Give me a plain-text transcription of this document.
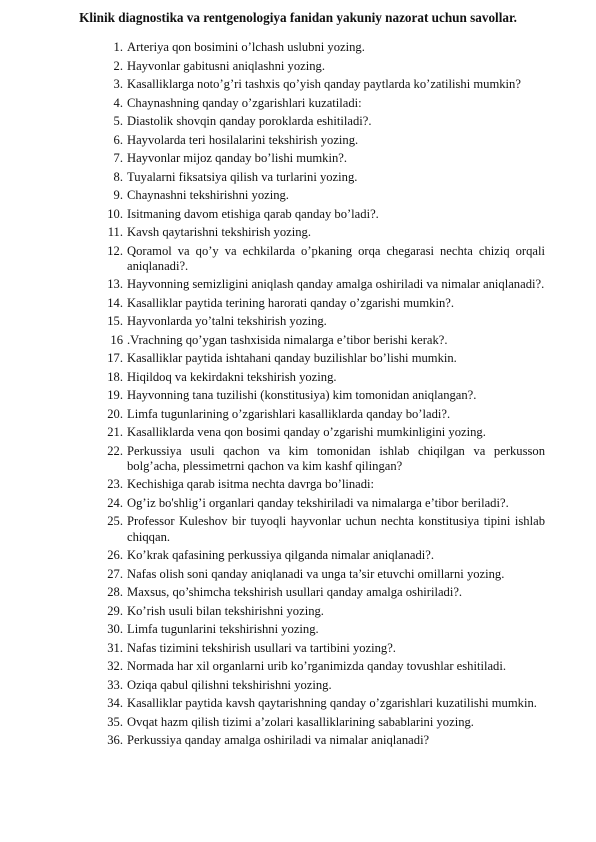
Klinik diagnostika va rentgenologiya fanidan yakuniy nazorat uchun savollar.
1. Arteriya qon bosimini o’lchash uslubni yozing.
2. Hayvonlar gabitusni aniqlashni yozing.
3. Kasalliklarga noto’g’ri tashxis qo’yish qanday paytlarda ko’zatilishi mumkin?
4. Chaynashning qanday o’zgarishlari kuzatiladi:
5. Diastolik shovqin qanday poroklarda eshitiladi?.
6. Hayvolarda teri hosilalarini tekshirish yozing.
7. Hayvonlar mijoz qanday bo’lishi mumkin?.
8. Tuyalarni fiksatsiya qilish va turlarini yozing.
9. Chaynashni tekshirishni yozing.
10. Isitmaning davom etishiga qarab qanday bo’ladi?.
11. Kavsh qaytarishni tekshirish yozing.
12. Qoramol va qo’y va echkilarda o’pkaning orqa chegarasi nechta chiziq orqali aniqlanadi?.
13. Hayvonning semizligini aniqlash qanday amalga oshiriladi va nimalar aniqlanadi?.
14. Kasalliklar paytida terining harorati qanday o’zgarishi mumkin?.
15. Hayvonlarda yo’talni tekshirish yozing.
16 .Vrachning qo’ygan tashxisida nimalarga e’tibor berishi kerak?.
17. Kasalliklar paytida ishtahani qanday buzilishlar bo’lishi mumkin.
18. Hiqildoq va kekirdakni tekshirish yozing.
19. Hayvonning tana tuzilishi (konstitusiya) kim tomonidan aniqlangan?.
20. Limfa tugunlarining o’zgarishlari kasalliklarda qanday bo’ladi?.
21. Kasalliklarda vena qon bosimi qanday o’zgarishi mumkinligini yozing.
22. Perkussiya usuli qachon va kim tomonidan ishlab chiqilgan va perkusson bolg’acha, plessimetrni qachon va kim kashf qilingan?
23. Kechishiga qarab isitma nechta davrga bo’linadi:
24. Og’iz bo'shlig’i organlari qanday tekshiriladi va nimalarga e’tibor beriladi?.
25. Professor Kuleshov bir tuyoqli hayvonlar uchun nechta konstitusiya tipini ishlab chiqqan.
26. Ko’krak qafasining perkussiya qilganda nimalar aniqlanadi?.
27. Nafas olish soni qanday aniqlanadi va unga ta’sir etuvchi omillarni yozing.
28. Maxsus, qo’shimcha tekshirish usullari qanday amalga oshiriladi?.
29. Ko’rish usuli bilan tekshirishni yozing.
30. Limfa tugunlarini tekshirishni yozing.
31. Nafas tizimini tekshirish usullari va tartibini yozing?.
32. Normada har xil organlarni urib ko’rganimizda qanday tovushlar eshitiladi.
33. Oziqa qabul qilishni tekshirishni yozing.
34. Kasalliklar paytida kavsh qaytarishning qanday o’zgarishlari kuzatilishi mumkin.
35. Ovqat hazm qilish tizimi a’zolari kasalliklarining sabablarini yozing.
36. Perkussiya qanday amalga oshiriladi va nimalar aniqlanadi?
